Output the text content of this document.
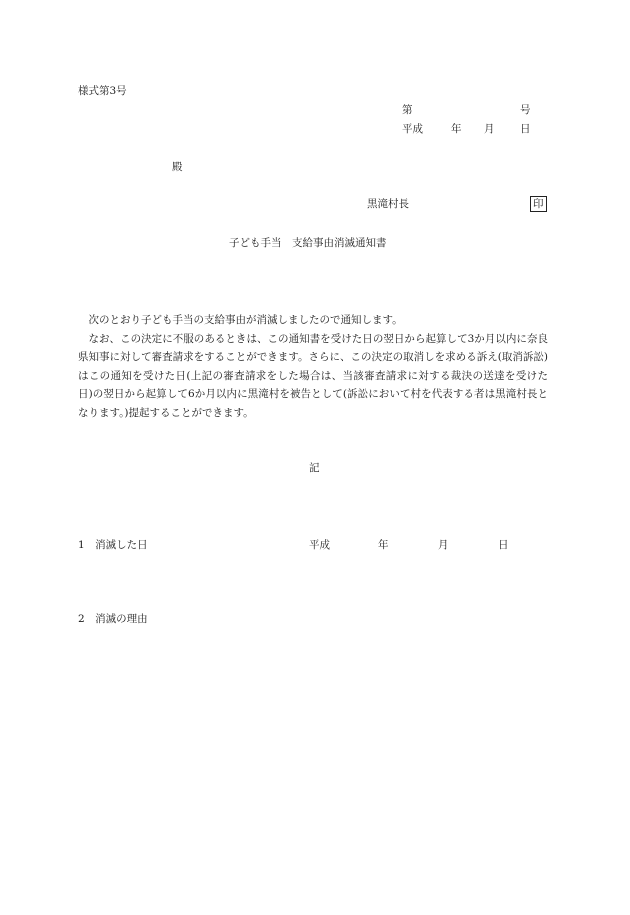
様式第3号
第	号
平成	年 月 日
殿
黒滝村長	印
子ども手当　支給事由消滅通知書

次のとおり子ども手当の支給事由が消滅しましたので通知します。

なお、この決定に不服のあるときは、この通知書を受けた日の翌日から起算して3か月以内に奈良県知事に対して審査請求をすることができます。さらに、この決定の取消しを求める訴え(取消訴訟)はこの通知を受けた日(上記の審査請求をした場合は、当該審査請求に対する裁決の送達を受けた日)の翌日から起算して6か月以内に黒滝村を被告として(訴訟において村を代表する者は黒滝村長となります。)提起することができます。

記
1　消滅した日	平成	年	月	日
2　消滅の理由
